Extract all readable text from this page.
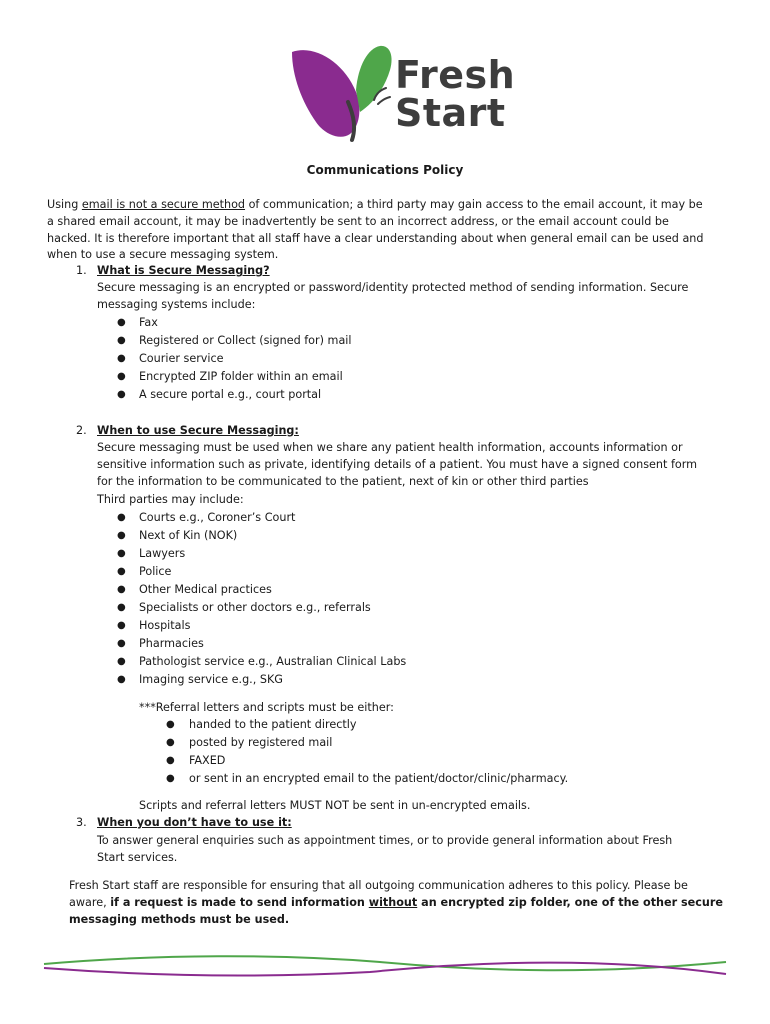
Fresh
Start
Communications Policy
Using email is not a secure method of communication; a third party may gain access to the email account, it may be
a shared email account, it may be inadvertently be sent to an incorrect address, or the email account could be
hacked. It is therefore important that all staff have a clear understanding about when general email can be used and
when to use a secure messaging system.
1. What is Secure Messaging?
Secure messaging is an encrypted or password/identity protected method of sending information. Secure
messaging systems include:
● Fax
● Registered or Collect (signed for) mail
● Courier service
● Encrypted ZIP folder within an email
● A secure portal e.g., court portal
2. When to use Secure Messaging:
Secure messaging must be used when we share any patient health information, accounts information or
sensitive information such as private, identifying details of a patient. You must have a signed consent form
for the information to be communicated to the patient, next of kin or other third parties
Third parties may include:
● Courts e.g., Coroner’s Court
● Next of Kin (NOK)
● Lawyers
● Police
● Other Medical practices
● Specialists or other doctors e.g., referrals
● Hospitals
● Pharmacies
● Pathologist service e.g., Australian Clinical Labs
● Imaging service e.g., SKG
***Referral letters and scripts must be either:
● handed to the patient directly
● posted by registered mail
● FAXED
● or sent in an encrypted email to the patient/doctor/clinic/pharmacy.
Scripts and referral letters MUST NOT be sent in un-encrypted emails.
3. When you don’t have to use it:
To answer general enquiries such as appointment times, or to provide general information about Fresh
Start services.
Fresh Start staff are responsible for ensuring that all outgoing communication adheres to this policy. Please be
aware, if a request is made to send information without an encrypted zip folder, one of the other secure
messaging methods must be used.
